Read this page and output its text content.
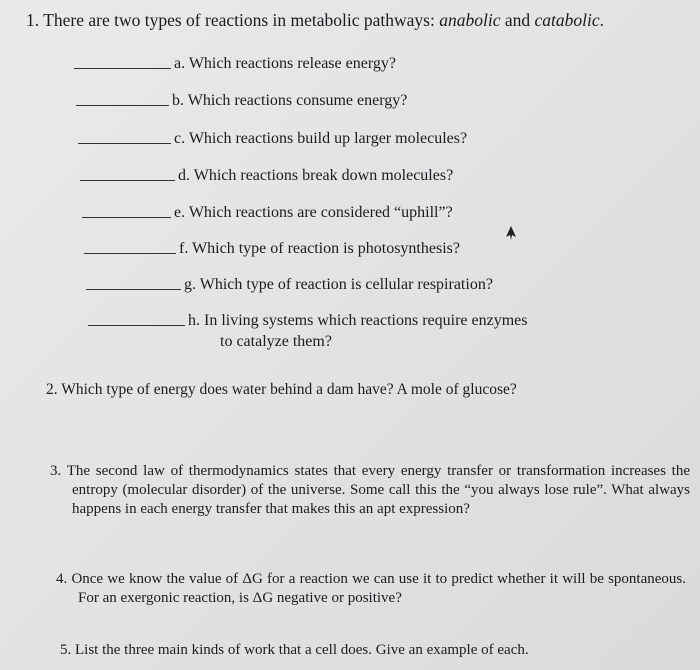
1. There are two types of reactions in metabolic pathways: anabolic and catabolic.
a. Which reactions release energy?
b. Which reactions consume energy?
c. Which reactions build up larger molecules?
d. Which reactions break down molecules?
e. Which reactions are considered “uphill”?
f. Which type of reaction is photosynthesis?
g. Which type of reaction is cellular respiration?
h. In living systems which reactions require enzymes
to catalyze them?
2. Which type of energy does water behind a dam have? A mole of glucose?
3. The second law of thermodynamics states that every energy transfer or transformation increases the entropy (molecular disorder) of the universe. Some call this the “you always lose rule”. What always happens in each energy transfer that makes this an apt expression?
4. Once we know the value of ΔG for a reaction we can use it to predict whether it will be spontaneous. For an exergonic reaction, is ΔG negative or positive?
5. List the three main kinds of work that a cell does. Give an example of each.
